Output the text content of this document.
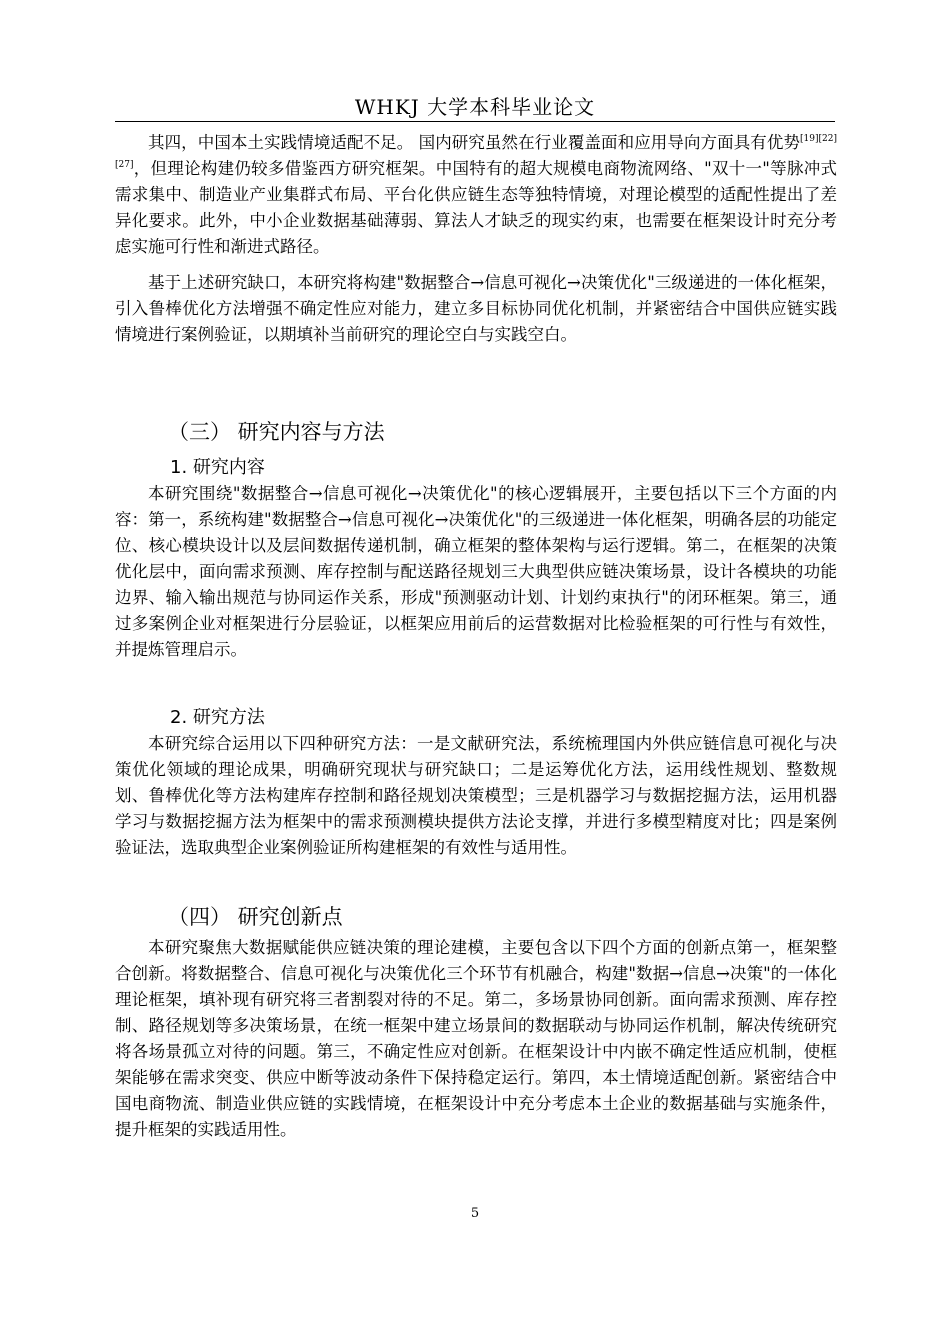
WHKJ 大学本科毕业论文

其四，中国本土实践情境适配不足。 国内研究虽然在行业覆盖面和应用导向方面具有优势[19][22][27]，但理论构建仍较多借鉴西方研究框架。中国特有的超大规模电商物流网络、"双十一"等脉冲式需求集中、制造业产业集群式布局、平台化供应链生态等独特情境，对理论模型的适配性提出了差异化要求。此外，中小企业数据基础薄弱、算法人才缺乏的现实约束，也需要在框架设计时充分考虑实施可行性和渐进式路径。

基于上述研究缺口，本研究将构建"数据整合→信息可视化→决策优化"三级递进的一体化框架，引入鲁棒优化方法增强不确定性应对能力，建立多目标协同优化机制，并紧密结合中国供应链实践情境进行案例验证，以期填补当前研究的理论空白与实践空白。

（三） 研究内容与方法
1. 研究内容

本研究围绕"数据整合→信息可视化→决策优化"的核心逻辑展开，主要包括以下三个方面的内容：第一，系统构建"数据整合→信息可视化→决策优化"的三级递进一体化框架，明确各层的功能定位、核心模块设计以及层间数据传递机制，确立框架的整体架构与运行逻辑。第二，在框架的决策优化层中，面向需求预测、库存控制与配送路径规划三大典型供应链决策场景，设计各模块的功能边界、输入输出规范与协同运作关系，形成"预测驱动计划、计划约束执行"的闭环框架。第三，通过多案例企业对框架进行分层验证，以框架应用前后的运营数据对比检验框架的可行性与有效性，并提炼管理启示。

2. 研究方法

本研究综合运用以下四种研究方法：一是文献研究法，系统梳理国内外供应链信息可视化与决策优化领域的理论成果，明确研究现状与研究缺口；二是运筹优化方法，运用线性规划、整数规划、鲁棒优化等方法构建库存控制和路径规划决策模型；三是机器学习与数据挖掘方法，运用机器学习与数据挖掘方法为框架中的需求预测模块提供方法论支撑，并进行多模型精度对比；四是案例验证法，选取典型企业案例验证所构建框架的有效性与适用性。

（四） 研究创新点

本研究聚焦大数据赋能供应链决策的理论建模，主要包含以下四个方面的创新点第一，框架整合创新。将数据整合、信息可视化与决策优化三个环节有机融合，构建"数据→信息→决策"的一体化理论框架，填补现有研究将三者割裂对待的不足。第二，多场景协同创新。面向需求预测、库存控制、路径规划等多决策场景，在统一框架中建立场景间的数据联动与协同运作机制，解决传统研究将各场景孤立对待的问题。第三，不确定性应对创新。在框架设计中内嵌不确定性适应机制，使框架能够在需求突变、供应中断等波动条件下保持稳定运行。第四，本土情境适配创新。紧密结合中国电商物流、制造业供应链的实践情境，在框架设计中充分考虑本土企业的数据基础与实施条件，提升框架的实践适用性。

5
